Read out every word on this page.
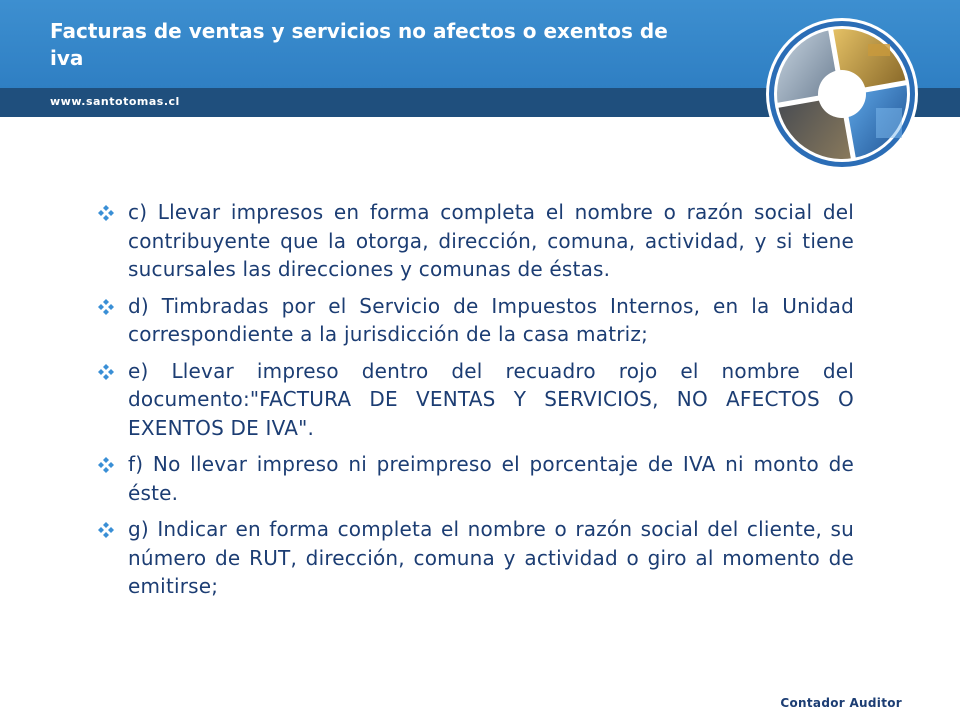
Facturas de ventas y servicios no afectos o exentos de iva
www.santotomas.cl
c) Llevar impresos en forma completa el nombre o razón social del contribuyente que la otorga, dirección, comuna, actividad, y si tiene sucursales las direcciones y comunas de éstas.
d) Timbradas por el Servicio de Impuestos Internos, en la Unidad correspondiente a la jurisdicción de la casa matriz;
e) Llevar impreso dentro del recuadro rojo el nombre del documento:"FACTURA DE VENTAS Y SERVICIOS, NO AFECTOS O EXENTOS DE IVA".
f) No llevar impreso ni preimpreso el porcentaje de IVA ni monto de éste.
g) Indicar en forma completa el nombre o razón social del cliente, su número de RUT, dirección, comuna y actividad o giro al momento de emitirse;
Contador Auditor
